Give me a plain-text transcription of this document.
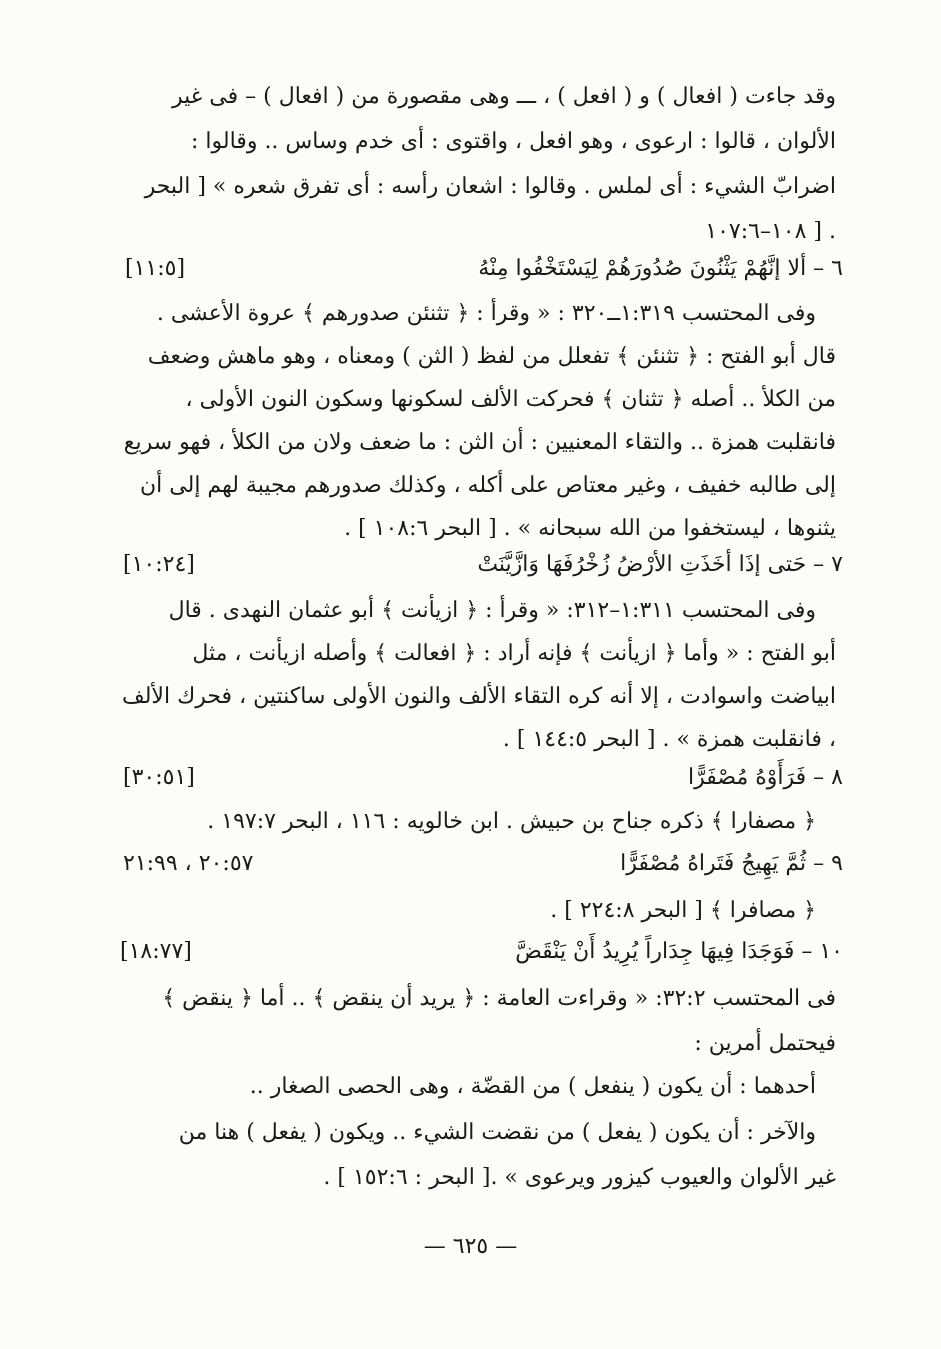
وقد جاءت ( افعال ) و ( افعل ) ، ـــ وهى مقصورة من ( افعال ) – فى غير
الألوان ، قالوا : ارعوى ، وهو افعل ، واقتوى : أى خدم وساس .. وقالوا :
اضرابّ الشيء : أى لملس . وقالوا : اشعان رأسه : أى تفرق شعره » [ البحر
. [ ١٠٨–١٠٧:٦
٦ – ألا إنَّهُمْ يَثْنُونَ صُدُورَهُمْ لِيَسْتَخْفُوا مِنْهُ
[١١:٥]
وفى المحتسب ١:٣١٩ــ٣٢٠ : « وقرأ : ﴿ تثنئن صدورهم ﴾ عروة الأعشى .
قال أبو الفتح : ﴿ تثنئن ﴾ تفعلل من لفظ ( الثن ) ومعناه ، وهو ماهش وضعف
من الكلأ .. أصله ﴿ تثنان ﴾ فحركت الألف لسكونها وسكون النون الأولى ،
فانقلبت همزة .. والتقاء المعنيين : أن الثن : ما ضعف ولان من الكلأ ، فهو سريع
إلى طالبه خفيف ، وغير معتاص على أكله ، وكذلك صدورهم مجيبة لهم إلى أن
يثنوها ، ليستخفوا من الله سبحانه » . [ البحر ١٠٨:٦ ] .
٧ – حَتى إذَا أخَذَتِ الأرْضُ زُخْرُفَهَا وَازَّيَّنَتْ
[١٠:٢٤]
وفى المحتسب ١:٣١١–٣١٢: « وقرأ : ﴿ ازيأنت ﴾ أبو عثمان النهدى . قال
أبو الفتح : « وأما ﴿ ازيأنت ﴾ فإنه أراد : ﴿ افعالت ﴾ وأصله ازيأنت ، مثل
ابياضت واسوادت ، إلا أنه كره التقاء الألف والنون الأولى ساكنتين ، فحرك الألف
، فانقلبت همزة » . [ البحر ١٤٤:٥ ] .
٨ – فَرَأَوْهُ مُصْفَرًّا
[٣٠:٥١]
﴿ مصفارا ﴾ ذكره جناح بن حبيش . ابن خالويه : ١١٦ ، البحر ١٩٧:٧ .
٩ – ثُمَّ يَهِيجُ فَتَراهُ مُصْفَرًّا
٢٠:٥٧ ، ٢١:٩٩
﴿ مصافرا ﴾ [ البحر ٢٢٤:٨ ] .
١٠ – فَوَجَدَا فِيهَا جِدَاراً يُرِيدُ أَنْ يَنْقَضَّ
[١٨:٧٧]
فى المحتسب ٣٢:٢: « وقراءت العامة : ﴿ يريد أن ينقض ﴾ .. أما ﴿ ينقض ﴾
فيحتمل أمرين :
أحدهما : أن يكون ( ينفعل ) من القضّة ، وهى الحصى الصغار ..
والآخر : أن يكون ( يفعل ) من نقضت الشيء .. ويكون ( يفعل ) هنا من
غير الألوان والعيوب كيزور ويرعوى » .[ البحر : ١٥٢:٦ ] .
— ٦٢٥ —
